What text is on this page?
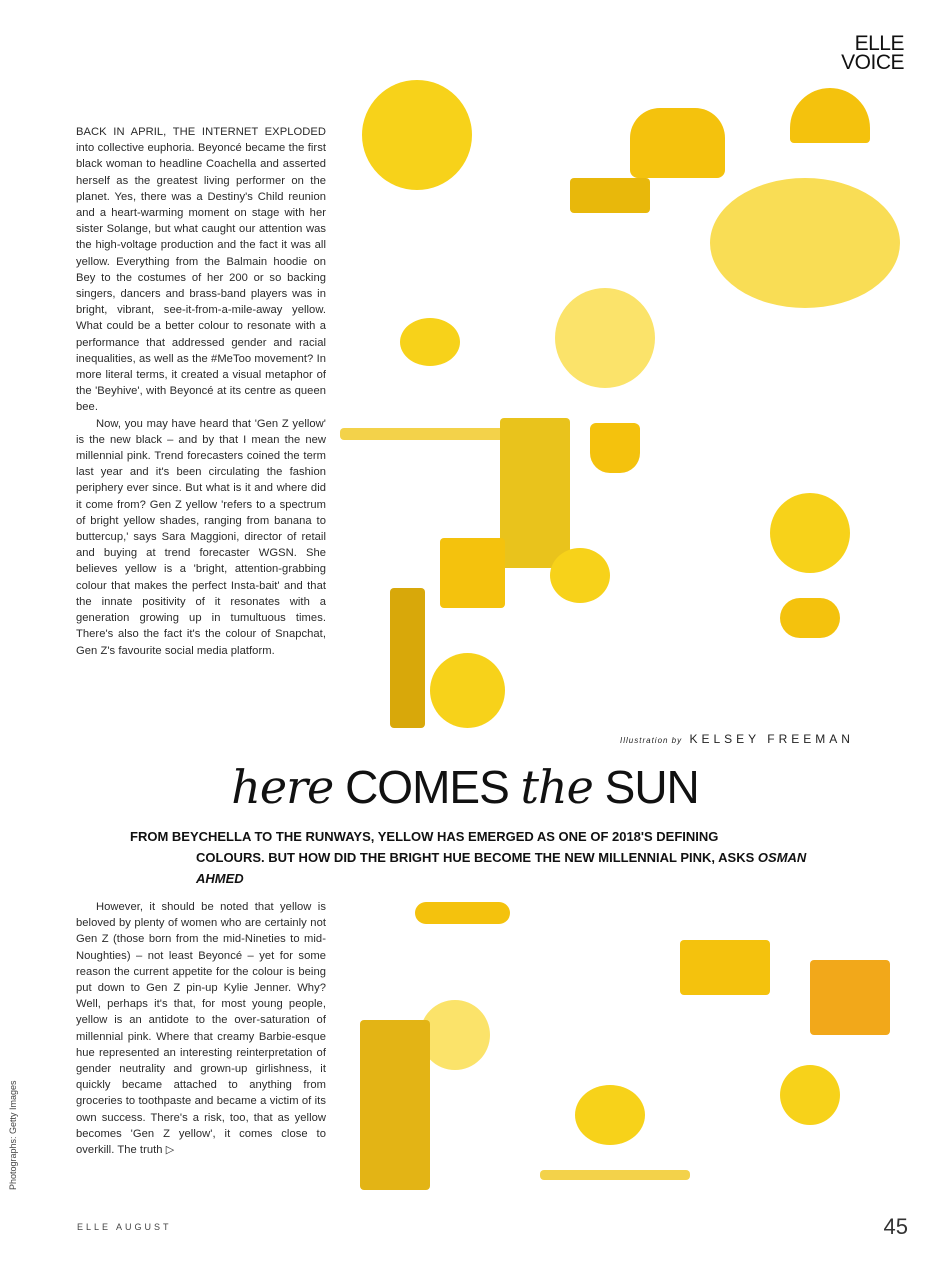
ELLE
VOICE

BACK IN APRIL, THE INTERNET EXPLODED into collective euphoria. Beyoncé became the first black woman to headline Coachella and asserted herself as the greatest living performer on the planet. Yes, there was a Destiny's Child reunion and a heart-warming moment on stage with her sister Solange, but what caught our attention was the high-voltage production and the fact it was all yellow. Everything from the Balmain hoodie on Bey to the costumes of her 200 or so backing singers, dancers and brass-band players was in bright, vibrant, see-it-from-a-mile-away yellow. What could be a better colour to resonate with a performance that addressed gender and racial inequalities, as well as the #MeToo movement? In more literal terms, it created a visual metaphor of the 'Beyhive', with Beyoncé at its centre as queen bee.

Now, you may have heard that 'Gen Z yellow' is the new black – and by that I mean the new millennial pink. Trend forecasters coined the term last year and it's been circulating the fashion periphery ever since. But what is it and where did it come from? Gen Z yellow 'refers to a spectrum of bright yellow shades, ranging from banana to buttercup,' says Sara Maggioni, director of retail and buying at trend forecaster WGSN. She believes yellow is a 'bright, attention-grabbing colour that makes the perfect Insta-bait' and that the innate positivity of it resonates with a generation growing up in tumultuous times. There's also the fact it's the colour of Snapchat, Gen Z's favourite social media platform.

Illustration by KELSEY FREEMAN
here COMES the SUN
FROM BEYCHELLA TO THE RUNWAYS, YELLOW HAS EMERGED AS ONE OF 2018'S DEFINING
COLOURS. BUT HOW DID THE BRIGHT HUE BECOME THE NEW MILLENNIAL PINK, ASKS OSMAN AHMED

However, it should be noted that yellow is beloved by plenty of women who are certainly not Gen Z (those born from the mid-Nineties to mid-Noughties) – not least Beyoncé – yet for some reason the current appetite for the colour is being put down to Gen Z pin-up Kylie Jenner. Why? Well, perhaps it's that, for most young people, yellow is an antidote to the over-saturation of millennial pink. Where that creamy Barbie-esque hue represented an interesting reinterpretation of gender neutrality and grown-up girlishness, it quickly became attached to anything from groceries to toothpaste and became a victim of its own success. There's a risk, too, that as yellow becomes 'Gen Z yellow', it comes close to overkill. The truth ▷

Photographs: Getty Images
ELLE AUGUST	45
